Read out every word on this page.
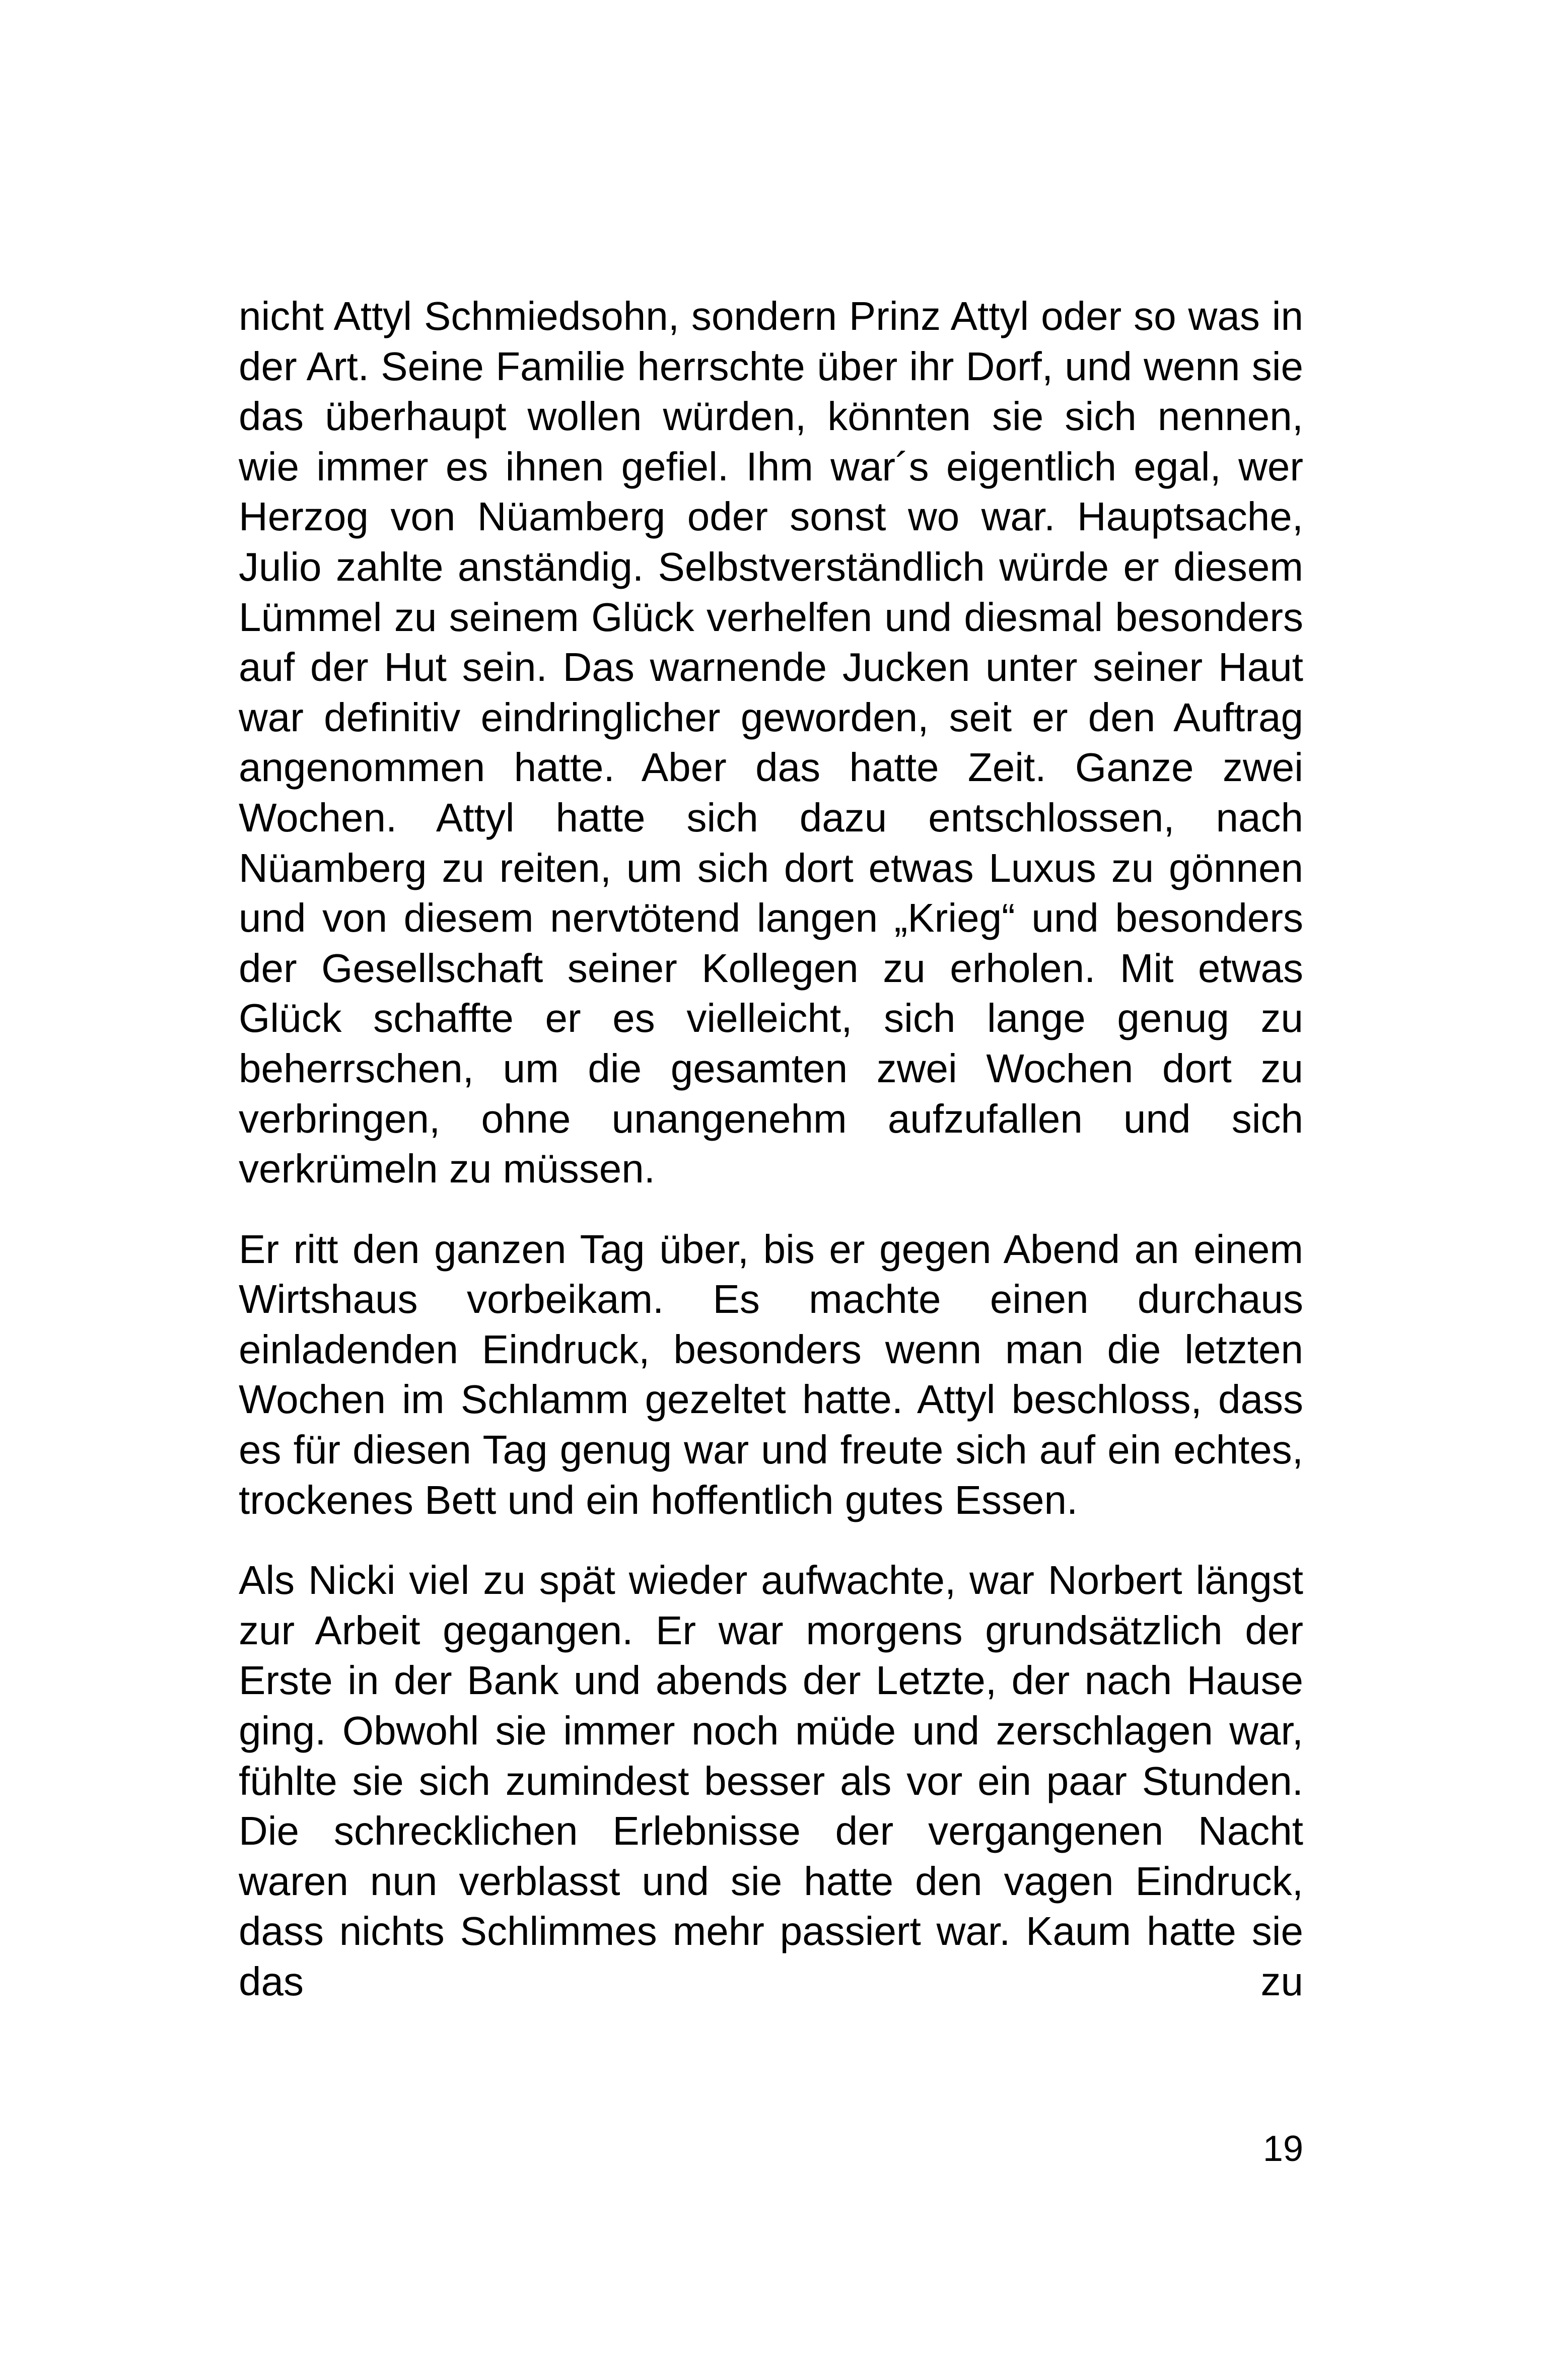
nicht Attyl Schmiedsohn, sondern Prinz Attyl oder so was in der Art. Seine Familie herrschte über ihr Dorf, und wenn sie das überhaupt wollen würden, könnten sie sich nennen, wie immer es ihnen gefiel. Ihm war´s eigentlich egal, wer Herzog von Nüamberg oder sonst wo war. Hauptsache, Julio zahlte anständig. Selbstverständlich würde er diesem Lümmel zu seinem Glück verhelfen und diesmal besonders auf der Hut sein. Das warnende Jucken unter seiner Haut war definitiv eindringlicher geworden, seit er den Auftrag angenommen hatte. Aber das hatte Zeit. Ganze zwei Wochen. Attyl hatte sich dazu entschlossen, nach Nüamberg zu reiten, um sich dort etwas Luxus zu gönnen und von diesem nervtötend langen „Krieg“ und besonders der Gesellschaft seiner Kollegen zu erholen. Mit etwas Glück schaffte er es vielleicht, sich lange genug zu beherrschen, um die gesamten zwei Wochen dort zu verbringen, ohne unangenehm aufzufallen und sich verkrümeln zu müssen.

Er ritt den ganzen Tag über, bis er gegen Abend an einem Wirtshaus vorbeikam. Es machte einen durchaus einladenden Eindruck, besonders wenn man die letzten Wochen im Schlamm gezeltet hatte. Attyl beschloss, dass es für diesen Tag genug war und freute sich auf ein echtes, trockenes Bett und ein hoffentlich gutes Essen.

Als Nicki viel zu spät wieder aufwachte, war Norbert längst zur Arbeit gegangen. Er war morgens grundsätzlich der Erste in der Bank und abends der Letzte, der nach Hause ging. Obwohl sie immer noch müde und zerschlagen war, fühlte sie sich zumindest besser als vor ein paar Stunden. Die schrecklichen Erlebnisse der vergangenen Nacht waren nun verblasst und sie hatte den vagen Eindruck, dass nichts Schlimmes mehr passiert war. Kaum hatte sie das zu

19
